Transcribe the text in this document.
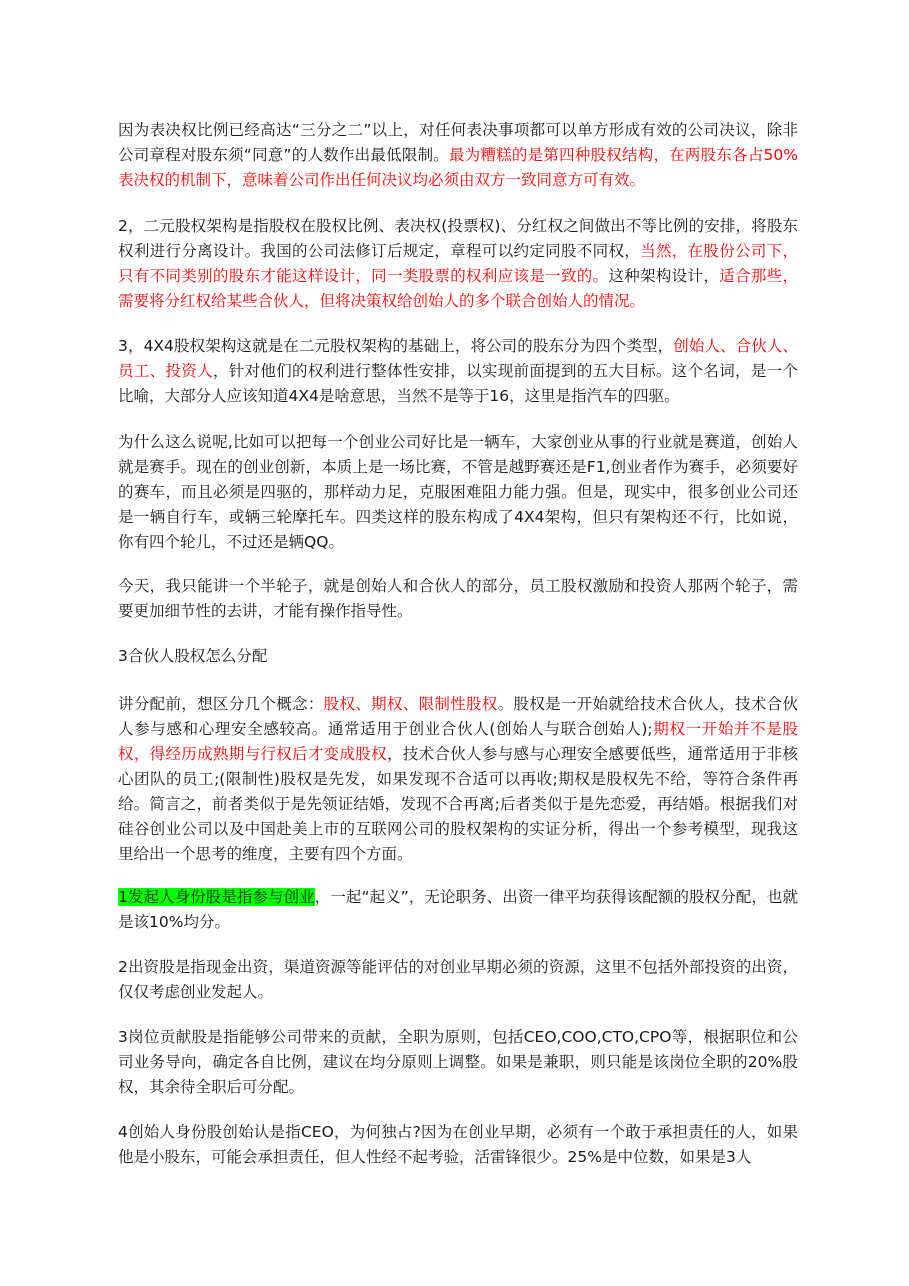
因为表决权比例已经高达“三分之二”以上，对任何表决事项都可以单方形成有效的公司决议，除非公司章程对股东须“同意”的人数作出最低限制。最为糟糕的是第四种股权结构，在两股东各占50%表决权的机制下，意味着公司作出任何决议均必须由双方一致同意方可有效。

2，二元股权架构是指股权在股权比例、表决权(投票权)、分红权之间做出不等比例的安排，将股东权利进行分离设计。我国的公司法修订后规定，章程可以约定同股不同权，当然，在股份公司下，只有不同类别的股东才能这样设计，同一类股票的权利应该是一致的。这种架构设计，适合那些，需要将分红权给某些合伙人，但将决策权给创始人的多个联合创始人的情况。

3，4X4股权架构这就是在二元股权架构的基础上，将公司的股东分为四个类型，创始人、合伙人、员工、投资人，针对他们的权利进行整体性安排，以实现前面提到的五大目标。这个名词，是一个比喻，大部分人应该知道4X4是啥意思，当然不是等于16，这里是指汽车的四驱。

为什么这么说呢,比如可以把每一个创业公司好比是一辆车，大家创业从事的行业就是赛道，创始人就是赛手。现在的创业创新，本质上是一场比赛，不管是越野赛还是F1,创业者作为赛手，必须要好的赛车，而且必须是四驱的，那样动力足，克服困难阻力能力强。但是，现实中，很多创业公司还是一辆自行车，或辆三轮摩托车。四类这样的股东构成了4X4架构，但只有架构还不行，比如说，你有四个轮儿，不过还是辆QQ。

今天，我只能讲一个半轮子，就是创始人和合伙人的部分，员工股权激励和投资人那两个轮子，需要更加细节性的去讲，才能有操作指导性。

3合伙人股权怎么分配

讲分配前，想区分几个概念：股权、期权、限制性股权。股权是一开始就给技术合伙人，技术合伙人参与感和心理安全感较高。通常适用于创业合伙人(创始人与联合创始人);期权一开始并不是股权，得经历成熟期与行权后才变成股权，技术合伙人参与感与心理安全感要低些，通常适用于非核心团队的员工;(限制性)股权是先发，如果发现不合适可以再收;期权是股权先不给，等符合条件再给。简言之，前者类似于是先领证结婚，发现不合再离;后者类似于是先恋爱，再结婚。根据我们对硅谷创业公司以及中国赴美上市的互联网公司的股权架构的实证分析，得出一个参考模型，现我这里给出一个思考的维度，主要有四个方面。

1发起人身份股是指参与创业，一起“起义”，无论职务、出资一律平均获得该配额的股权分配，也就是该10%均分。

2出资股是指现金出资，渠道资源等能评估的对创业早期必须的资源，这里不包括外部投资的出资，仅仅考虑创业发起人。

3岗位贡献股是指能够公司带来的贡献，全职为原则，包括CEO,COO,CTO,CPO等，根据职位和公司业务导向，确定各自比例，建议在均分原则上调整。如果是兼职，则只能是该岗位全职的20%股权，其余待全职后可分配。

4创始人身份股创始认是指CEO，为何独占?因为在创业早期，必须有一个敢于承担责任的人，如果他是小股东，可能会承担责任，但人性经不起考验，活雷锋很少。25%是中位数，如果是3人
